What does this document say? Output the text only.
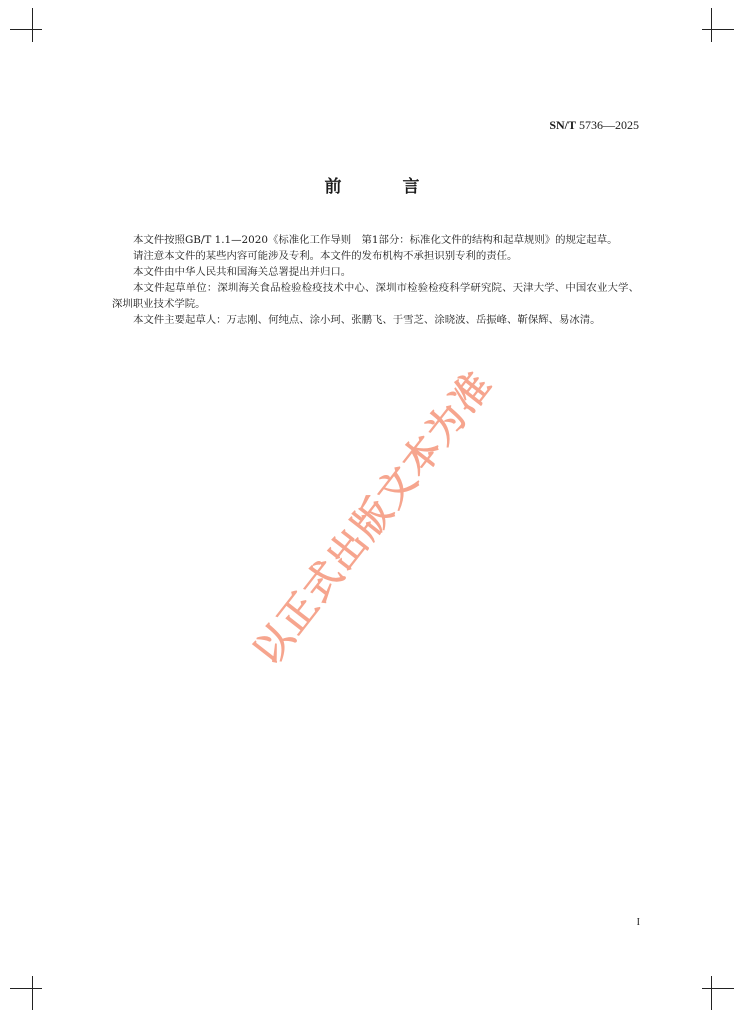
SN/T 5736—2025
前　言

本文件按照GB/T 1.1—2020《标准化工作导则　第1部分：标准化文件的结构和起草规则》的规定起草。

请注意本文件的某些内容可能涉及专利。本文件的发布机构不承担识别专利的责任。

本文件由中华人民共和国海关总署提出并归口。

本文件起草单位：深圳海关食品检验检疫技术中心、深圳市检验检疫科学研究院、天津大学、中国农业大学、深圳职业技术学院。

本文件主要起草人：万志刚、何纯点、涂小珂、张鹏飞、于雪芝、涂晓波、岳振峰、靳保辉、易冰清。

以正式出版文本为准
I
